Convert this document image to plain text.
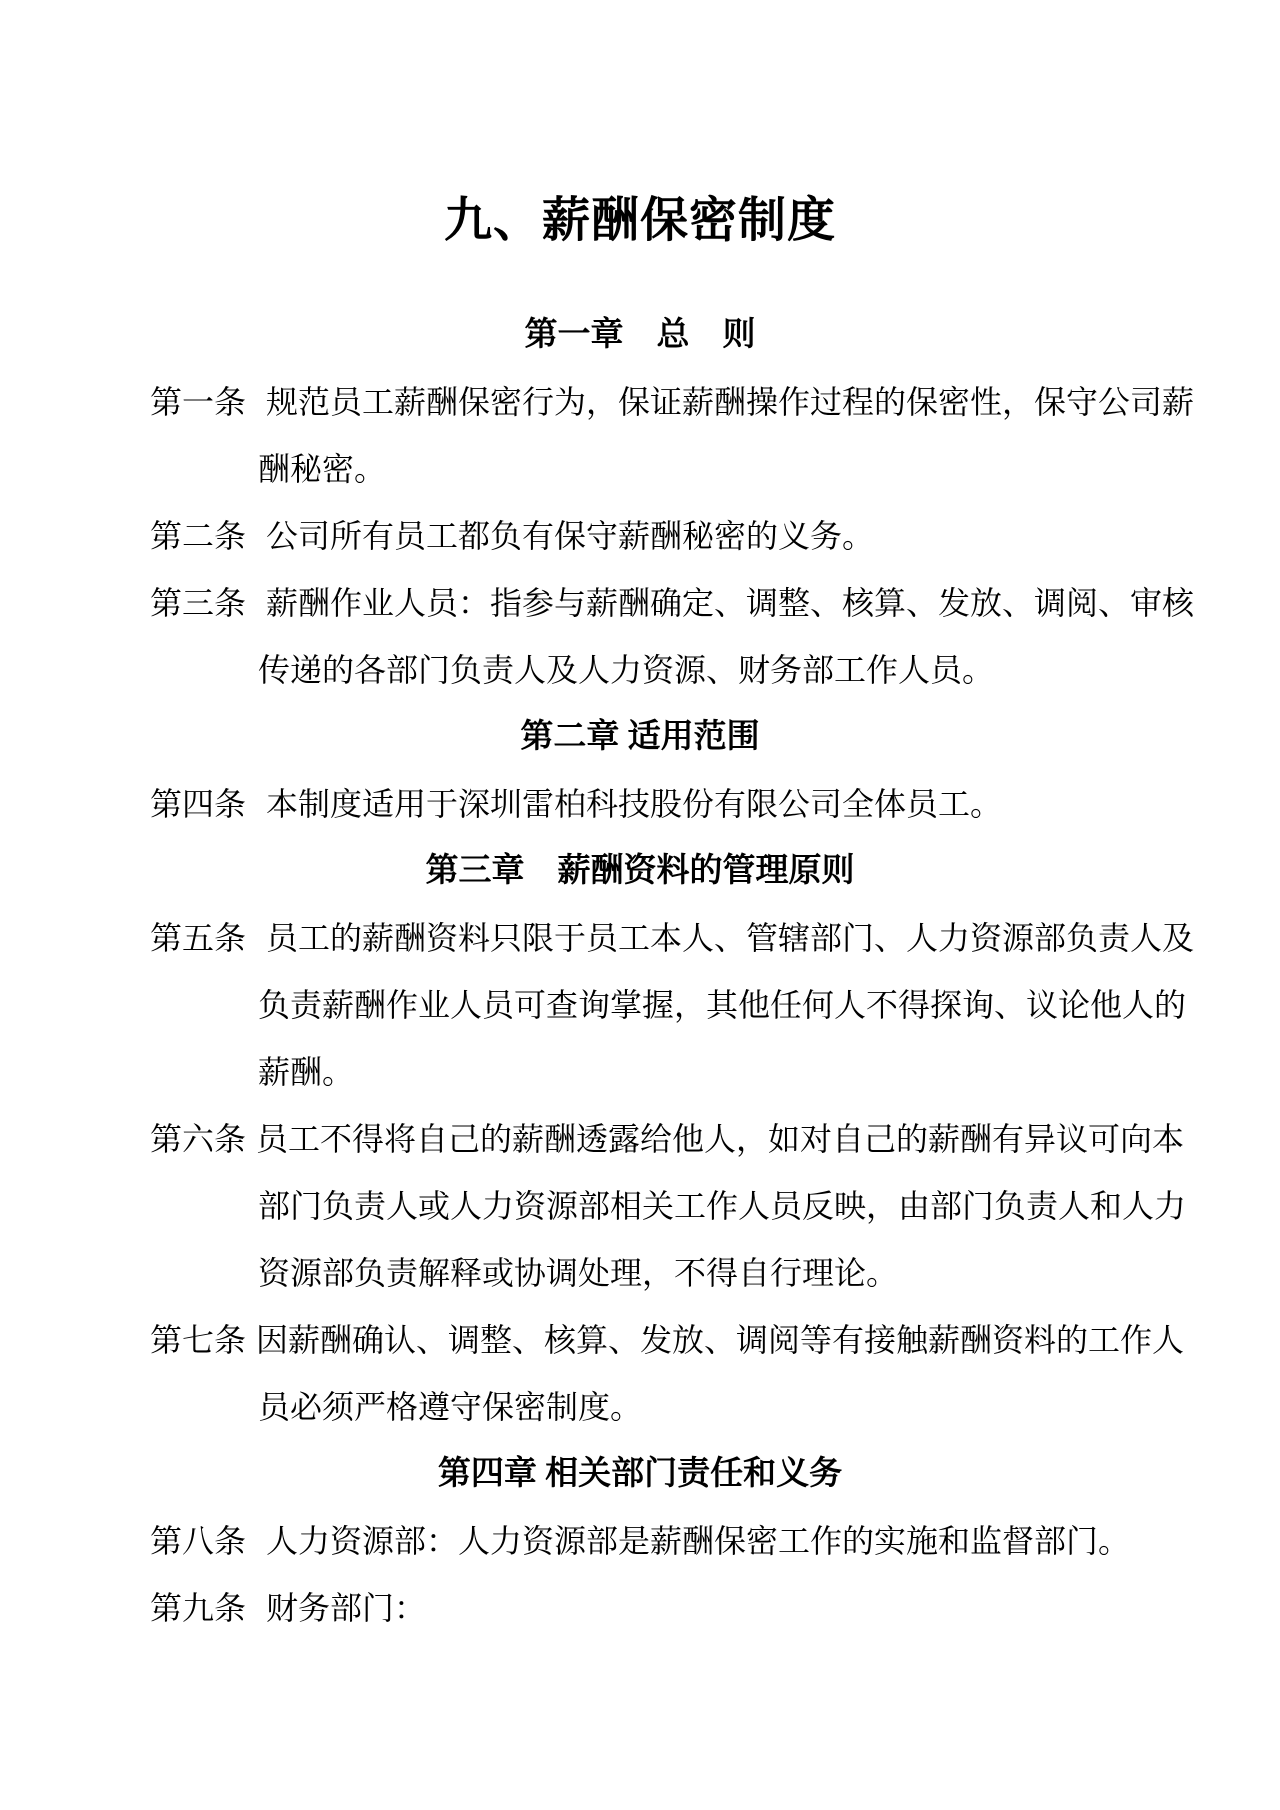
九、薪酬保密制度
第一章　总　则
第一条 规范员工薪酬保密行为，保证薪酬操作过程的保密性，保守公司薪
酬秘密。
第二条 公司所有员工都负有保守薪酬秘密的义务。
第三条 薪酬作业人员：指参与薪酬确定、调整、核算、发放、调阅、审核
传递的各部门负责人及人力资源、财务部工作人员。
第二章 适用范围
第四条 本制度适用于深圳雷柏科技股份有限公司全体员工。
第三章　薪酬资料的管理原则
第五条 员工的薪酬资料只限于员工本人、管辖部门、人力资源部负责人及
负责薪酬作业人员可查询掌握，其他任何人不得探询、议论他人的
薪酬。
第六条 员工不得将自己的薪酬透露给他人，如对自己的薪酬有异议可向本
部门负责人或人力资源部相关工作人员反映，由部门负责人和人力
资源部负责解释或协调处理，不得自行理论。
第七条 因薪酬确认、调整、核算、发放、调阅等有接触薪酬资料的工作人
员必须严格遵守保密制度。
第四章 相关部门责任和义务
第八条 人力资源部：人力资源部是薪酬保密工作的实施和监督部门。
第九条 财务部门：
